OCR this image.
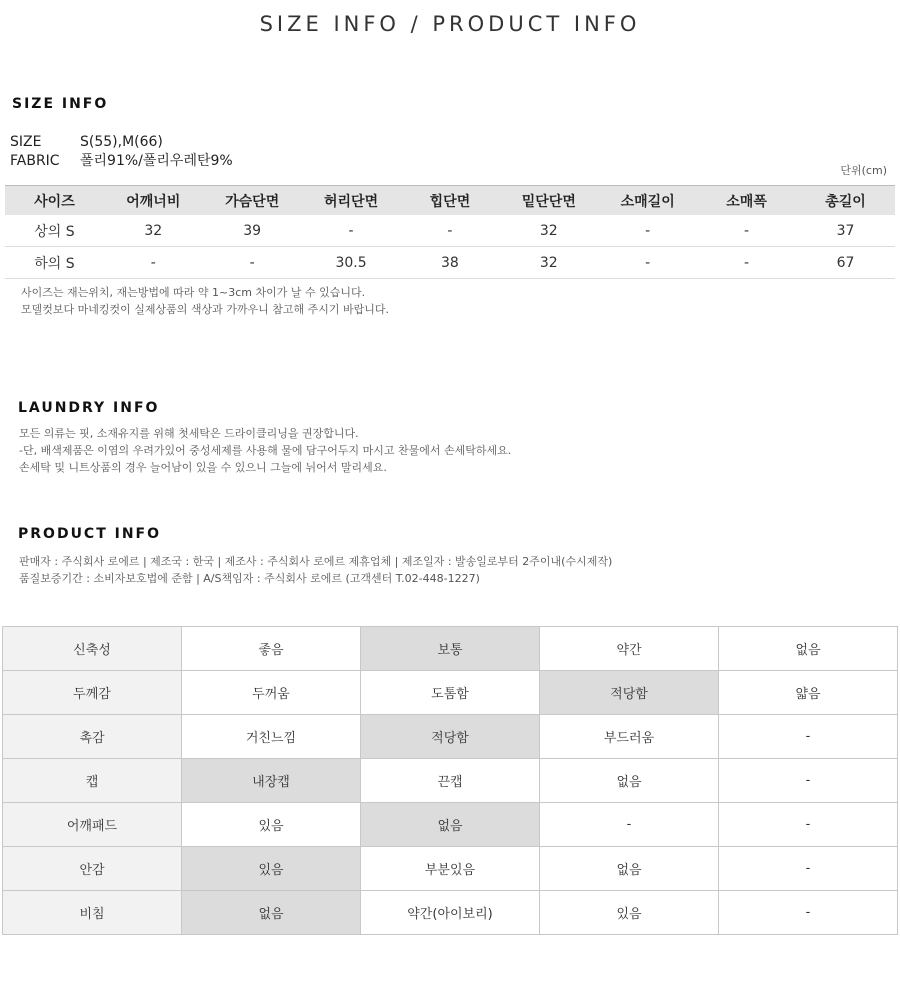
SIZE INFO / PRODUCT INFO
SIZE INFO
SIZE	S(55),M(66)
FABRIC 폴리91%/폴리우레탄9%
단위(cm)
사이즈	어깨너비	가슴단면	허리단면	힙단면	밑단단면	소매길이	소매폭	총길이
상의 S	32	39	-	-	32	-	-	37
하의 S	-	-	30.5	38	32	-	-	67
사이즈는 재는위치, 재는방법에 따라 약 1~3cm 차이가 날 수 있습니다.
모델컷보다 마네킹컷이 실제상품의 색상과 가까우니 참고해 주시기 바랍니다.
LAUNDRY INFO
모든 의류는 핏, 소재유지를 위해 첫세탁은 드라이클리닝을 권장합니다.
-단, 배색제품은 이염의 우려가있어 중성세제를 사용해 물에 담구어두지 마시고 찬물에서 손세탁하세요.
손세탁 및 니트상품의 경우 늘어남이 있을 수 있으니 그늘에 뉘어서 말리세요.
PRODUCT INFO
판매자 : 주식회사 로에르 | 제조국 : 한국 | 제조사 : 주식회사 로에르 제휴업체 | 제조일자 : 발송일로부터 2주이내(수시제작)
품질보증기간 : 소비자보호법에 준함 | A/S책임자 : 주식회사 로에르 (고객센터 T.02-448-1227)
신축성	좋음	보통	약간	없음
두께감	두꺼움	도톰함	적당함	얇음
촉감	거친느낌	적당함	부드러움	-
캡	내장캡	끈캡	없음	-
어깨패드	있음	없음	-	-
안감	있음	부분있음	없음	-
비침	없음	약간(아이보리)	있음	-
